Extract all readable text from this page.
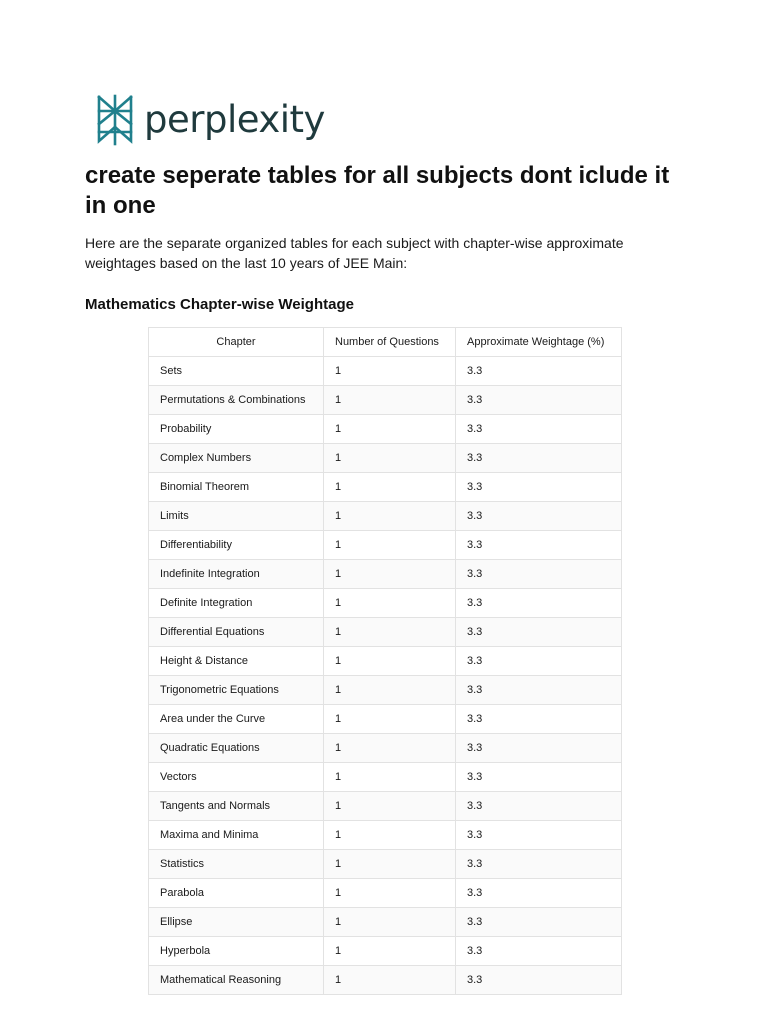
perplexity
create seperate tables for all subjects dont iclude it in one

Here are the separate organized tables for each subject with chapter-wise approximate weightages based on the last 10 years of JEE Main:

Mathematics Chapter-wise Weightage
Chapter	Number of Questions	Approximate Weightage (%)
Sets	1	3.3
Permutations & Combinations	1	3.3
Probability	1	3.3
Complex Numbers	1	3.3
Binomial Theorem	1	3.3
Limits	1	3.3
Differentiability	1	3.3
Indefinite Integration	1	3.3
Definite Integration	1	3.3
Differential Equations	1	3.3
Height & Distance	1	3.3
Trigonometric Equations	1	3.3
Area under the Curve	1	3.3
Quadratic Equations	1	3.3
Vectors	1	3.3
Tangents and Normals	1	3.3
Maxima and Minima	1	3.3
Statistics	1	3.3
Parabola	1	3.3
Ellipse	1	3.3
Hyperbola	1	3.3
Mathematical Reasoning	1	3.3
